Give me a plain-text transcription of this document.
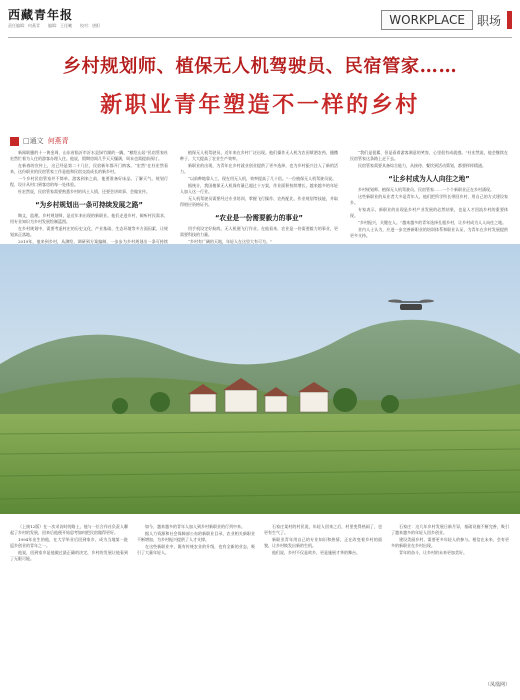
西藏青年报
责任编辑：何燕青　　编辑：王佳曦　　校对：唐阳	WORKPLACE	职场
乡村规划师、植保无人机驾驶员、民宿管家……
新职业青年塑造不一样的乡村
□通文 何燕青

新闻联播的十一黄金周，山东省临沂市沂水县绿竹湖的一隅，“粮绘山居”民宿管家杜宏然忙着为入住的游客办理入住。他说，假期房间几乎天天爆满，周末也需提前预订。

在新春的宣传上，这已经是第二十几位，民宿新年都开门纳客。“宏然”在杜宏然看来，这份职业的民宿管家工作是他和民宿交流成长的新乡村。

一个乡村民宿管家并不简单。游客到来之前，他要准备好床品、了解天气、规划行程，设计从村口到客房的每一处体验。

杜宏然说，民宿管家需要熟悉乡村的风土人情，还要会讲故事、会做宣传。

“为乡村规划出一条可持续发展之路”

陶文，监理。乡村规划师，是近年来出现的新职业。他们走进乡村，倾听村民需求，用专业知识为乡村发展绘制蓝图。

在乡村规划中，需要考虑村庄的历史文化、产业基础、生态环境等多方面因素，让规划真正落地。

2019年，他来到乡村，从测绘、调研到方案编制，一步步为乡村规划出一条可持续

植保无人机驾驶员，近年来在乡村广泛出现。他们操作无人机为农田喷洒农药、播撒种子，大大提高了农业生产效率。

新职业的出现，为青年在乡村就业创业提供了更多选择，也为乡村振兴注入了新的活力。

“以前种地靠人工，现在用无人机，效率提高了几十倍。”一位植保无人机驾驶员说。

据统计，我国植保无人机保有量已超过十万架，作业面积持续增长，越来越多的年轻人加入这一行业。

无人机驾驶员需要经过专业培训，掌握飞行操作、农药配比、作业规划等技能，并取得相应资格证书。

“农业是一份需要毅力的事业”

用手机设定好航线，无人机便飞行作业。在他看来，农业是一份需要毅力的事业，更需要科技的力量。

“乡村有广阔的天地，年轻人在这里大有可为。”

“我们是很累，但是看着游客满意的笑容，心里很有成就感。”杜宏然说，他会继续在民宿管家这条路上走下去。

民宿管家需要具备综合能力，从接待、餐饮到活动策划，都要样样精通。

“让乡村成为人人向往之地”

乡村规划师、植保无人机驾驶员、民宿管家……一个个新职业正在乡村涌现。

这些新职业的从业者大多是青年人，他们把所学所长带回乡村，用自己的方式建设家乡。

专家表示，新职业的出现是乡村产业发展的必然结果，也是人才回流乡村的重要体现。

“乡村振兴，关键在人。”越来越多的青年选择扎根乡村，让乡村成为人人向往之地。

业内人士认为，应进一步完善新职业的培训体系和职业认证，为青年在乡村发展提供更多支持。

（上接12版）在一次采访时的路上，他与一位合作社负责人聊起了乡村的发展，回来后他便开始思考如何把民宿做得更好。

1994年出生的他，在大学毕业后回到家乡，成为当地第一批返乡创业的青年之一。

他说，回到家乡是他做过最正确的决定，乡村的发展让他看到了无限可能。

如今，越来越多的青年人加入到乡村新职业的行列中来。

据人力资源和社会保障部公布的新职业目录，农业相关新职业不断增加，为乡村振兴提供了人才支撑。

在这些新职业中，既有传统农业的升级，也有全新的业态，吸引了大量年轻人。

石家庄某村的村民说，年轻人回来之后，村里变得热闹了，也更有生气了。

新职业青年用自己的专业知识和热情，正在改变着乡村的面貌，让乡村焕发出新的生机。

他们说，乡村不仅是故乡，更是施展才华的舞台。

石家庄：这几年乡村发展日新月异，基础设施不断完善，吸引了越来越多的年轻人回乡创业。

建设美丽乡村，需要更多年轻人的参与。相信在未来，会有更多的新职业在乡村出现。

青年的奋斗，让乡村的未来更加美好。

（凤凰网）
